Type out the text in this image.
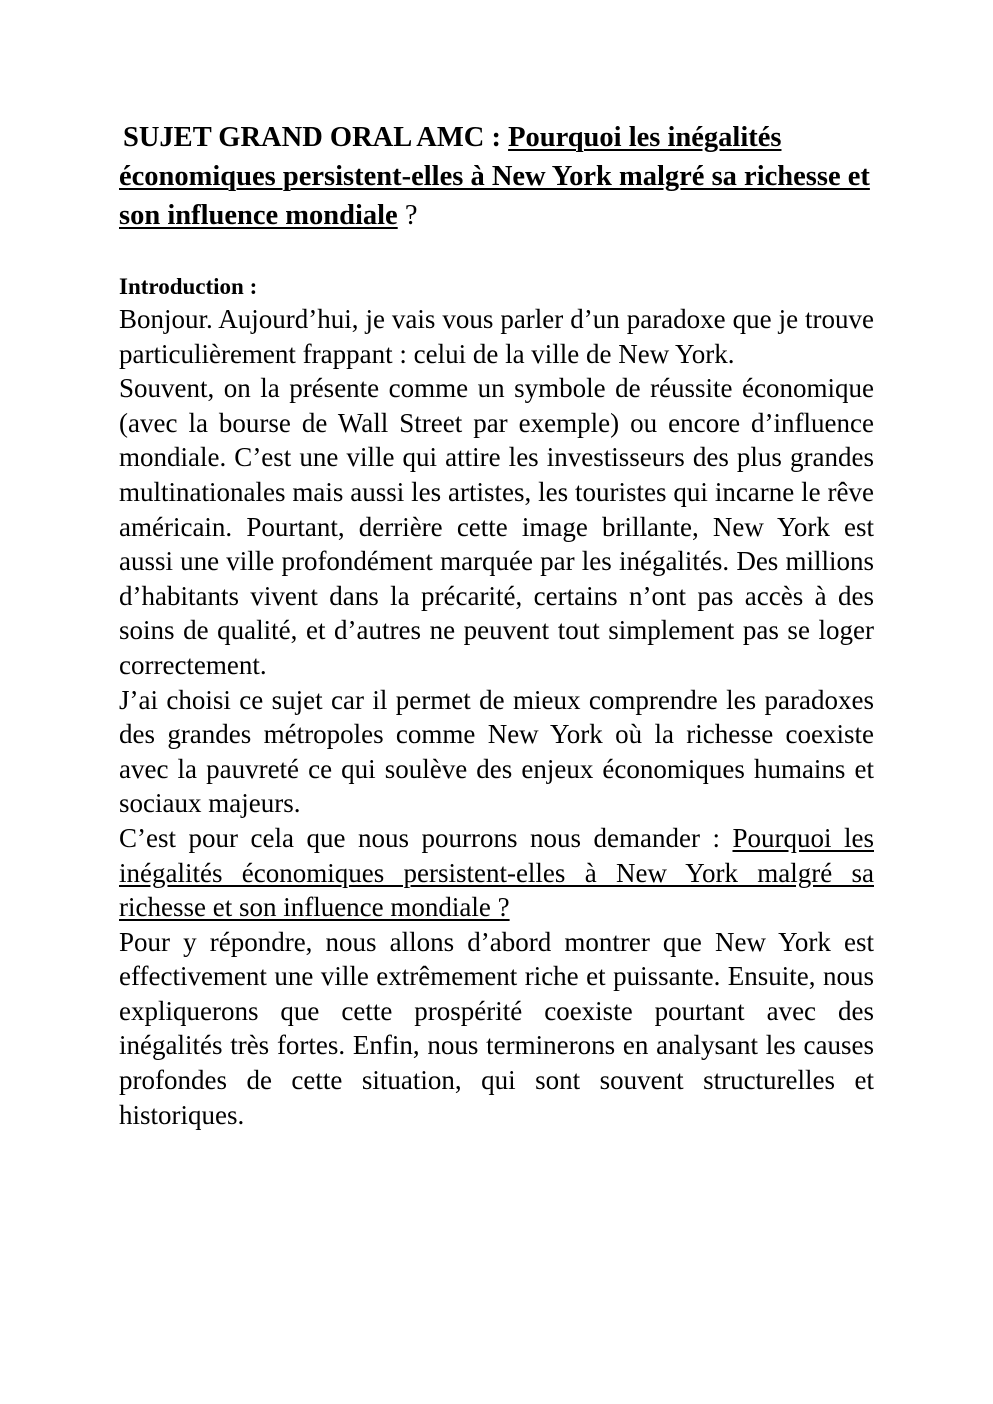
SUJET GRAND ORAL AMC : Pourquoi les inégalités économiques persistent-elles à New York malgré sa richesse et son influence mondiale ?
Introduction :

Bonjour. Aujourd’hui, je vais vous parler d’un paradoxe que je trouve particulièrement frappant : celui de la ville de New York.

Souvent, on la présente comme un symbole de réussite économique (avec la bourse de Wall Street par exemple) ou encore d’influence mondiale. C’est une ville qui attire les investisseurs des plus grandes multinationales mais aussi les artistes, les touristes qui incarne le rêve américain. Pourtant, derrière cette image brillante, New York est aussi une ville profondément marquée par les inégalités. Des millions d’habitants vivent dans la précarité, certains n’ont pas accès à des soins de qualité, et d’autres ne peuvent tout simplement pas se loger correctement.

J’ai choisi ce sujet car il permet de mieux comprendre les paradoxes des grandes métropoles comme New York où la richesse coexiste avec la pauvreté ce qui soulève des enjeux économiques humains et sociaux majeurs.

C’est pour cela que nous pourrons nous demander : Pourquoi les inégalités économiques persistent-elles à New York malgré sa richesse et son influence mondiale ?

Pour y répondre, nous allons d’abord montrer que New York est effectivement une ville extrêmement riche et puissante. Ensuite, nous expliquerons que cette prospérité coexiste pourtant avec des inégalités très fortes. Enfin, nous terminerons en analysant les causes profondes de cette situation, qui sont souvent structurelles et historiques.
